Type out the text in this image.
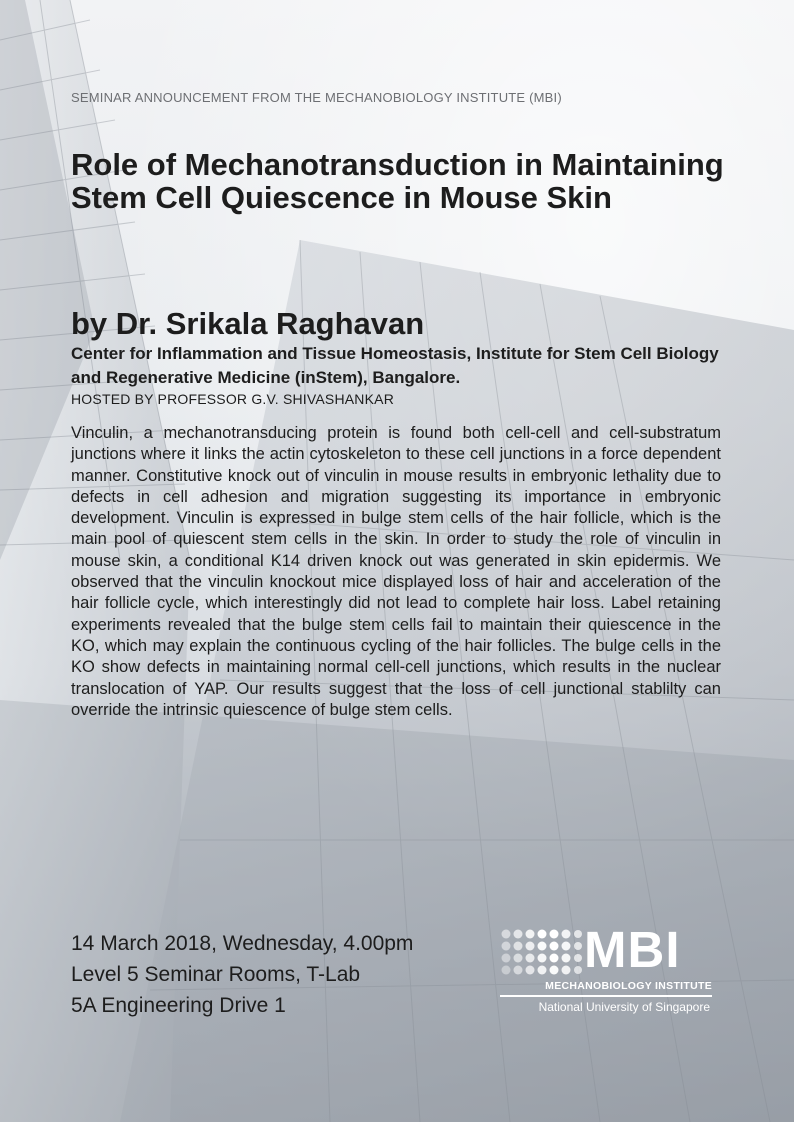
SEMINAR ANNOUNCEMENT FROM THE MECHANOBIOLOGY INSTITUTE (MBI)
Role of Mechanotransduction in Maintaining Stem Cell Quiescence in Mouse Skin
by Dr. Srikala Raghavan
Center for Inflammation and Tissue Homeostasis, Institute for Stem Cell Biology and Regenerative Medicine (inStem), Bangalore.
HOSTED BY PROFESSOR G.V. SHIVASHANKAR

Vinculin, a mechanotransducing protein is found both cell-cell and cell-substratum junctions where it links the actin cytoskeleton to these cell junctions in a force dependent manner. Constitutive knock out of vinculin in mouse results in embryonic lethality due to defects in cell adhesion and migration suggesting its importance in embryonic development. Vinculin is expressed in bulge stem cells of the hair follicle, which is the main pool of quiescent stem cells in the skin. In order to study the role of vinculin in mouse skin, a conditional K14 driven knock out was generated in skin epidermis. We observed that the vinculin knockout mice displayed loss of hair and acceleration of the hair follicle cycle, which interestingly did not lead to complete hair loss. Label retaining experiments revealed that the bulge stem cells fail to maintain their quiescence in the KO, which may explain the continuous cycling of the hair follicles. The bulge cells in the KO show defects in maintaining normal cell-cell junctions, which results in the nuclear translocation of YAP. Our results suggest that the loss of cell junctional stablilty can override the intrinsic quiescence of bulge stem cells.

14 March 2018, Wednesday, 4.00pm
Level 5 Seminar Rooms, T-Lab
5A Engineering Drive 1
MBI
MECHANOBIOLOGY INSTITUTE
National University of Singapore
